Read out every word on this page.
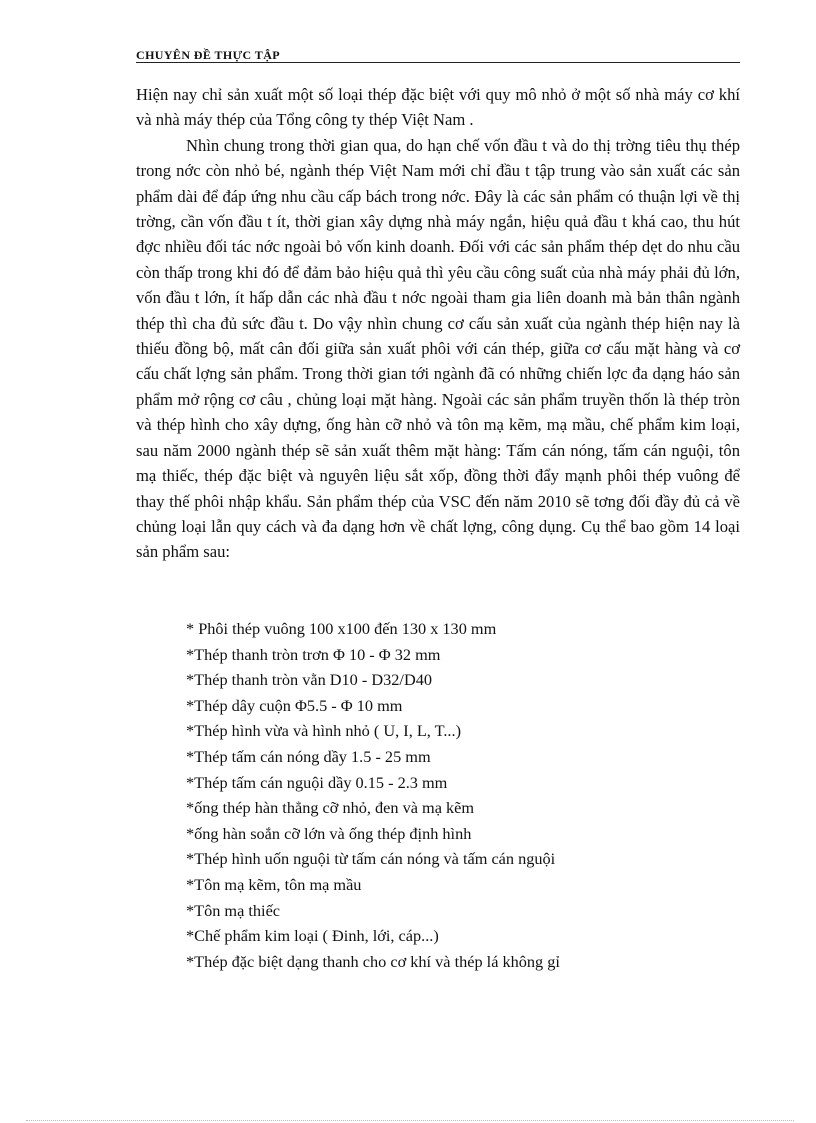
CHUYÊN ĐỀ THỰC TẬP

Hiện nay chỉ sản xuất một số loại thép đặc biệt với quy mô nhỏ ở một số nhà máy cơ khí và nhà máy thép của Tổng công ty thép Việt Nam .

Nhìn chung trong thời gian qua, do hạn chế vốn đầu t và do thị trờng tiêu thụ thép trong nớc còn nhỏ bé, ngành thép Việt Nam mới chỉ đầu t tập trung vào sản xuất các sản phẩm dài để đáp ứng nhu cầu cấp bách trong nớc. Đây là các sản phẩm có thuận lợi về thị trờng, cần vốn đầu t ít, thời gian xây dựng nhà máy ngắn, hiệu quả đầu t khá cao, thu hút đợc nhiều đối tác nớc ngoài bỏ vốn kinh doanh. Đối với các sản phẩm thép dẹt do nhu cầu còn thấp trong khi đó để đảm bảo hiệu quả thì yêu cầu công suất của nhà máy phải đủ lớn, vốn đầu t lớn, ít hấp dẫn các nhà đầu t nớc ngoài tham gia liên doanh mà bản thân ngành thép thì cha đủ sức đầu t. Do vậy nhìn chung cơ cấu sản xuất của ngành thép hiện nay là thiếu đồng bộ, mất cân đối giữa sản xuất phôi với cán thép, giữa cơ cấu mặt hàng và cơ cấu chất lợng sản phẩm. Trong thời gian tới ngành đã có những chiến lợc đa dạng háo sản phẩm mở rộng cơ câu , chủng loại mặt hàng. Ngoài các sản phẩm truyền thốn là thép tròn và thép hình cho xây dựng, ống hàn cỡ nhỏ và tôn mạ kẽm, mạ mầu, chế phẩm kim loại, sau năm 2000 ngành thép sẽ sản xuất thêm mặt hàng: Tấm cán nóng, tấm cán nguội, tôn mạ thiếc, thép đặc biệt và nguyên liệu sắt xốp, đồng thời đẩy mạnh phôi thép vuông để thay thế phôi nhập khẩu. Sản phẩm thép của VSC đến năm 2010 sẽ tơng đối đầy đủ cả về chủng loại lẫn quy cách và đa dạng hơn về chất lợng, công dụng. Cụ thể bao gồm 14 loại sản phẩm sau:

* Phôi thép vuông 100 x100 đến 130 x 130 mm
*Thép thanh tròn trơn Φ 10 - Φ 32 mm
*Thép thanh tròn vằn D10 - D32/D40
*Thép dây cuộn Φ5.5 - Φ 10 mm
*Thép hình vừa và hình nhỏ ( U, I, L, T...)
*Thép tấm cán nóng dầy 1.5 - 25 mm
*Thép tấm cán nguội dầy 0.15 - 2.3 mm
*ống thép hàn thẳng cỡ nhỏ, đen và mạ kẽm
*ống hàn soắn cỡ lớn và ống thép định hình
*Thép hình uốn nguội từ tấm cán nóng và tấm cán nguội
*Tôn mạ kẽm, tôn mạ mầu
*Tôn mạ thiếc
*Chế phẩm kim loại ( Đinh, lới, cáp...)
*Thép đặc biệt dạng thanh cho cơ khí và thép lá không gỉ
